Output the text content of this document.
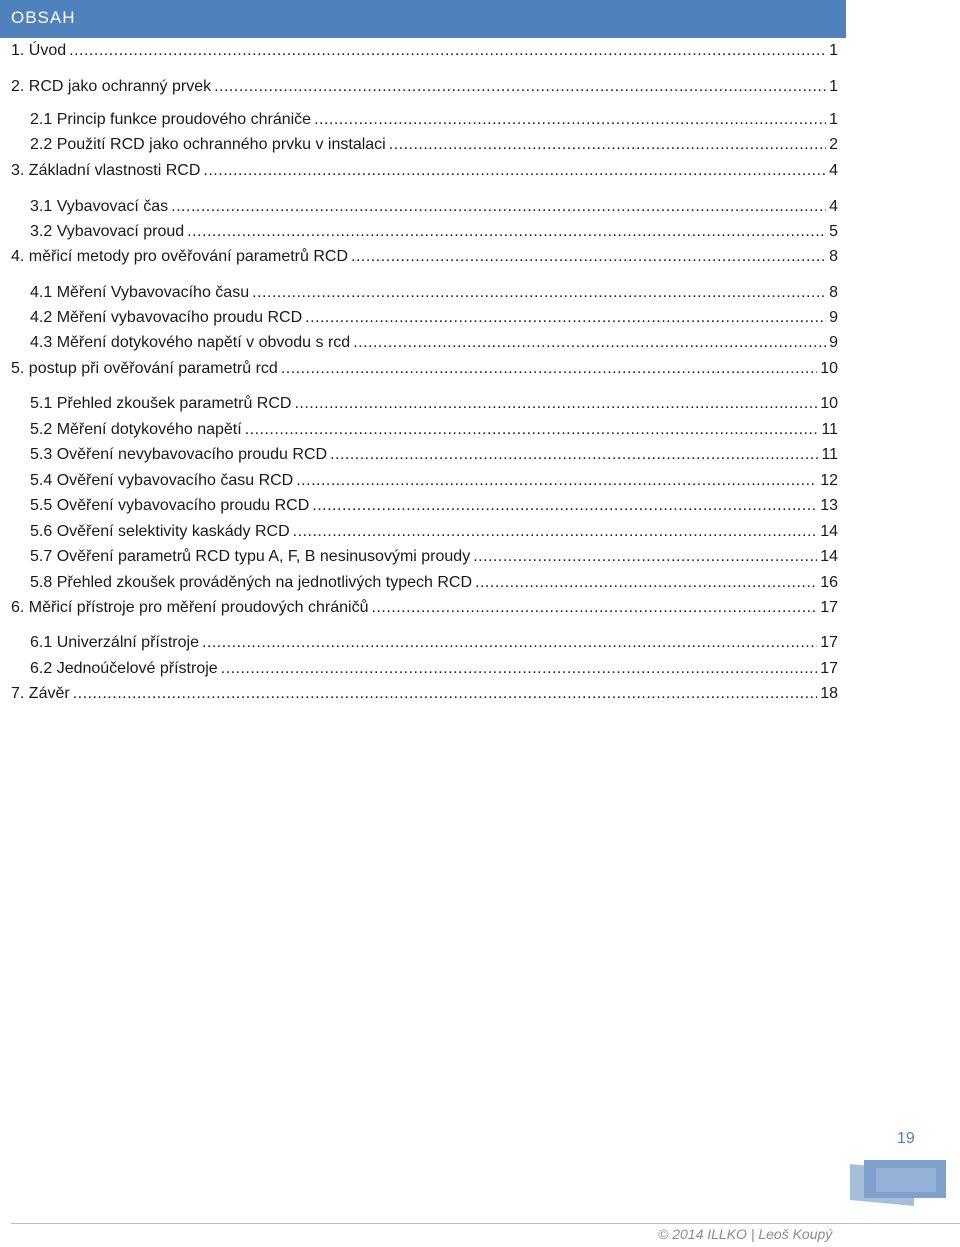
OBSAH
1. Úvod .....	1
2. RCD jako ochranný prvek .....	1
2.1 Princip funkce proudového chrániče .....	1
2.2 Použití RCD jako ochranného prvku v instalaci .....	2
3. Základní vlastnosti RCD .....	4
3.1 Vybavovací čas .....	4
3.2 Vybavovací proud .....	5
4. měřicí metody pro ověřování parametrů RCD .....	8
4.1 Měření Vybavovacího času .....	8
4.2 Měření vybavovacího proudu RCD .....	9
4.3 Měření dotykového napětí v obvodu s rcd .....	9
5. postup při ověřování parametrů rcd .....	10
5.1 Přehled zkoušek parametrů RCD .....	10
5.2 Měření dotykového napětí .....	11
5.3 Ověření nevybavovacího proudu RCD .....	11
5.4 Ověření vybavovacího času RCD .....	12
5.5 Ověření vybavovacího proudu RCD .....	13
5.6 Ověření selektivity kaskády RCD .....	14
5.7 Ověření parametrů RCD typu A, F, B nesinusovými proudy .....	14
5.8 Přehled zkoušek prováděných na jednotlivých typech RCD .....	16
6. Měřicí přístroje pro měření proudových chráničů .....	17
6.1 Univerzální přístroje .....	17
6.2 Jednoúčelové přístroje .....	17
7. Závěr .....	18
19
© 2014 ILLKO | Leoš Koupý
